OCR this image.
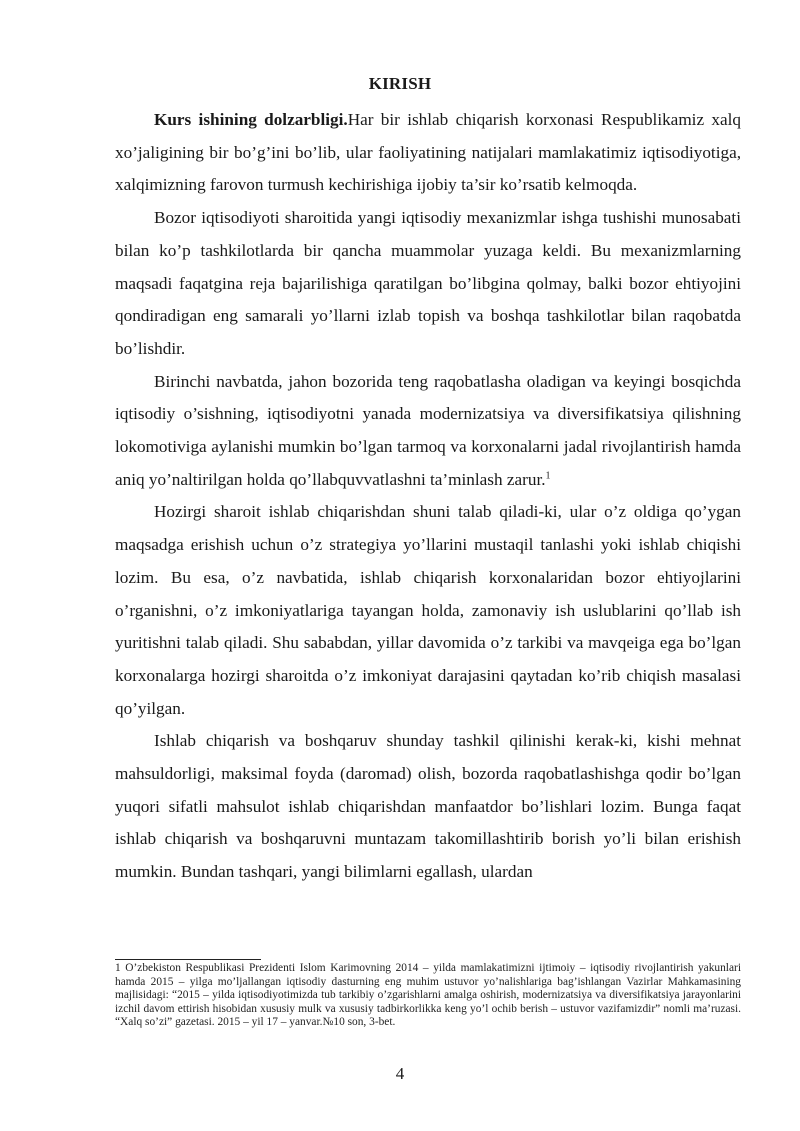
KIRISH

Kurs ishining dolzarbligi.Har bir ishlab chiqarish korxonasi Respublikamiz xalq xo’jaligining bir bo’g’ini bo’lib, ular faoliyatining natijalari mamlakatimiz iqtisodiyotiga, xalqimizning farovon turmush kechirishiga ijobiy ta’sir ko’rsatib kelmoqda.

Bozor iqtisodiyoti sharoitida yangi iqtisodiy mexanizmlar ishga tushishi munosabati bilan ko’p tashkilotlarda bir qancha muammolar yuzaga keldi. Bu mexanizmlarning maqsadi faqatgina reja bajarilishiga qaratilgan bo’libgina qolmay, balki bozor ehtiyojini qondiradigan eng samarali yo’llarni izlab topish va boshqa tashkilotlar bilan raqobatda bo’lishdir.

Birinchi navbatda, jahon bozorida teng raqobatlasha oladigan va keyingi bosqichda iqtisodiy o’sishning, iqtisodiyotni yanada modernizatsiya va diversifikatsiya qilishning lokomotiviga aylanishi mumkin bo’lgan tarmoq va korxonalarni jadal rivojlantirish hamda aniq yo’naltirilgan holda qo’llabquvvatlashni ta’minlash zarur.$^1$

Hozirgi sharoit ishlab chiqarishdan shuni talab qiladi-ki, ular o’z oldiga qo’ygan maqsadga erishish uchun o’z strategiya yo’llarini mustaqil tanlashi yoki ishlab chiqishi lozim. Bu esa, o’z navbatida, ishlab chiqarish korxonalaridan bozor ehtiyojlarini o’rganishni, o’z imkoniyatlariga tayangan holda, zamonaviy ish uslublarini qo’llab ish yuritishni talab qiladi. Shu sababdan, yillar davomida o’z tarkibi va mavqeiga ega bo’lgan korxonalarga hozirgi sharoitda o’z imkoniyat darajasini qaytadan ko’rib chiqish masalasi qo’yilgan.

Ishlab chiqarish va boshqaruv shunday tashkil qilinishi kerak-ki, kishi mehnat mahsuldorligi, maksimal foyda (daromad) olish, bozorda raqobatlashishga qodir bo’lgan yuqori sifatli mahsulot ishlab chiqarishdan manfaatdor bo’lishlari lozim. Bunga faqat ishlab chiqarish va boshqaruvni muntazam takomillashtirib borish yo’li bilan erishish mumkin. Bundan tashqari, yangi bilimlarni egallash, ulardan

1 O’zbekiston Respublikasi Prezidenti Islom Karimovning 2014 – yilda mamlakatimizni ijtimoiy – iqtisodiy rivojlantirish yakunlari hamda 2015 – yilga mo’ljallangan iqtisodiy dasturning eng muhim ustuvor yo’nalishlariga bag’ishlangan Vazirlar Mahkamasining majlisidagi: “2015 – yilda iqtisodiyotimizda tub tarkibiy o’zgarishlarni amalga oshirish, modernizatsiya va diversifikatsiya jarayonlarini izchil davom ettirish hisobidan xususiy mulk va xususiy tadbirkorlikka keng yo’l ochib berish – ustuvor vazifamizdir” nomli ma’ruzasi. “Xalq so’zi” gazetasi. 2015 – yil 17 – yanvar.№10 son, 3-bet.

4
